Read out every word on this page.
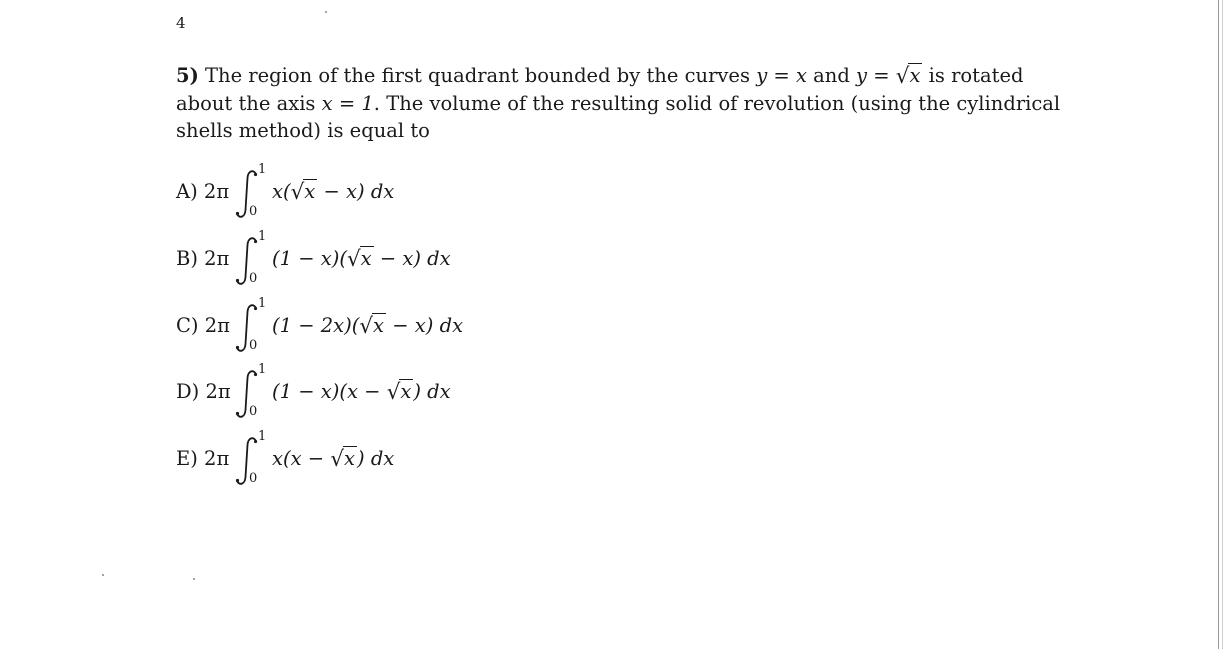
4
5) The region of the first quadrant bounded by the curves y = x and y = √x is rotated
about the axis x = 1. The volume of the resulting solid of revolution (using the cylindrical
shells method) is equal to
A) 2π
1
0
x(√x − x) dx
B) 2π
1
0
(1 − x)(√x − x) dx
C) 2π
1
0
(1 − 2x)(√x − x) dx
D) 2π
1
0
(1 − x)(x − √x ) dx
E) 2π
1
0
x(x − √x ) dx
